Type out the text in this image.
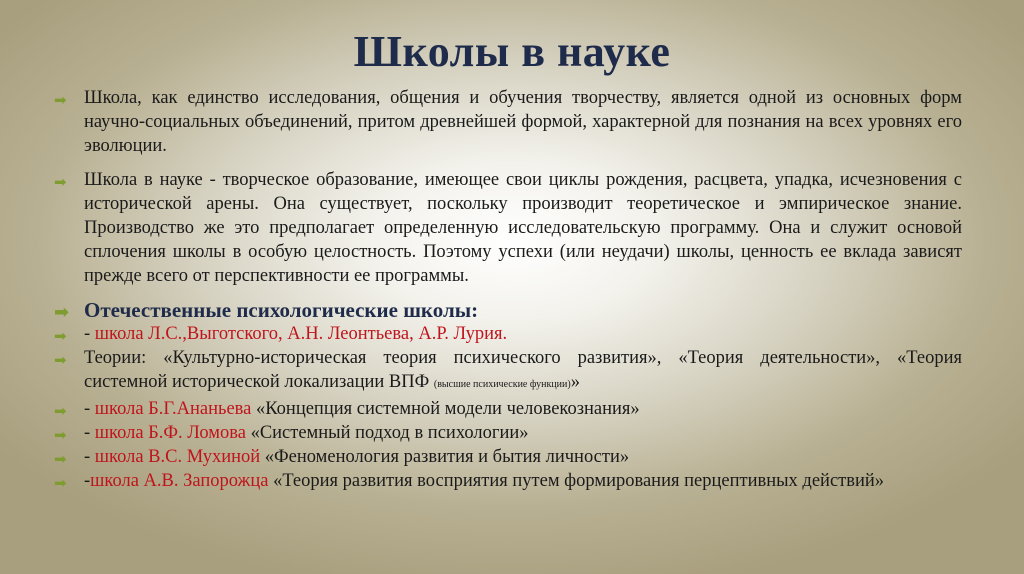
Школы в науке
➡ Школа, как единство исследования, общения и обучения творчеству, является одной из основных форм научно-социальных объединений, притом древнейшей формой, характерной для познания на всех уровнях его эволюции.
➡ Школа в науке - творческое образование, имеющее свои циклы рождения, расцвета, упадка, исчезновения с исторической арены. Она существует, поскольку производит теоретическое и эмпирическое знание. Производство же это предполагает определенную исследовательскую программу. Она и служит основой сплочения школы в особую целостность. Поэтому успехи (или неудачи) школы, ценность ее вклада зависят прежде всего от перспективности ее программы.
➡ Отечественные психологические школы:
➡ - школа Л.С.,Выготского, А.Н. Леонтьева, А.Р. Лурия.
➡ Теории: «Культурно-историческая теория психического развития», «Теория деятельности», «Теория системной исторической локализации ВПФ (высшие психические функции)»
➡ - школа Б.Г.Ананьева «Концепция системной модели человекознания»
➡ - школа Б.Ф. Ломова «Системный подход в психологии»
➡ - школа В.С. Мухиной «Феноменология развития и бытия личности»
➡ -школа А.В. Запорожца «Теория развития восприятия путем формирования перцептивных действий»
